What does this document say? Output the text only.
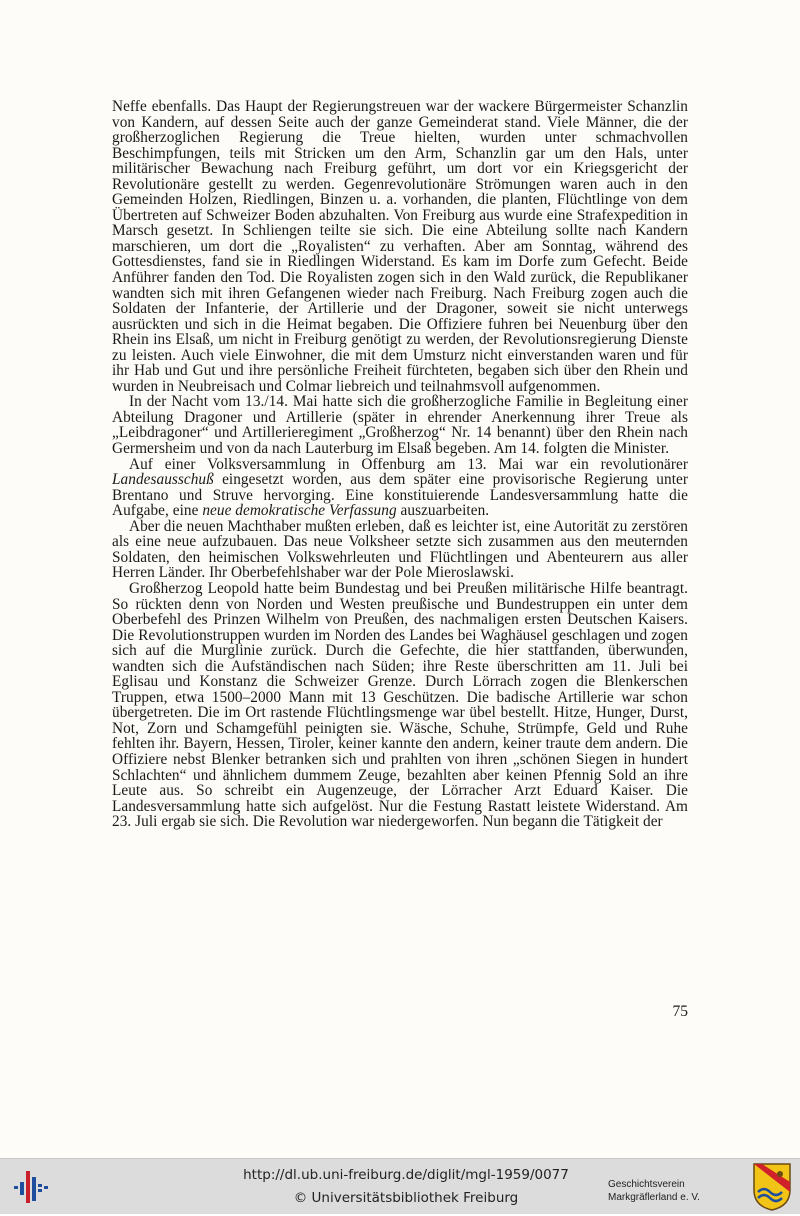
Neffe ebenfalls. Das Haupt der Regierungstreuen war der wackere Bürgermeister Schanzlin von Kandern, auf dessen Seite auch der ganze Gemeinderat stand. Viele Männer, die der großherzoglichen Regierung die Treue hielten, wurden unter schmachvollen Beschimpfungen, teils mit Stricken um den Arm, Schanzlin gar um den Hals, unter militärischer Bewachung nach Freiburg geführt, um dort vor ein Kriegsgericht der Revolutionäre gestellt zu werden. Gegenrevolutionäre Strömungen waren auch in den Gemeinden Holzen, Riedlingen, Binzen u. a. vorhanden, die planten, Flüchtlinge von dem Übertreten auf Schweizer Boden abzuhalten. Von Freiburg aus wurde eine Strafexpedition in Marsch gesetzt. In Schliengen teilte sie sich. Die eine Abteilung sollte nach Kandern marschieren, um dort die „Royalisten“ zu verhaften. Aber am Sonntag, während des Gottesdienstes, fand sie in Riedlingen Widerstand. Es kam im Dorfe zum Gefecht. Beide Anführer fanden den Tod. Die Royalisten zogen sich in den Wald zurück, die Republikaner wandten sich mit ihren Gefangenen wieder nach Freiburg. Nach Freiburg zogen auch die Soldaten der Infanterie, der Artillerie und der Dragoner, soweit sie nicht unterwegs ausrückten und sich in die Heimat begaben. Die Offiziere fuhren bei Neuenburg über den Rhein ins Elsaß, um nicht in Freiburg genötigt zu werden, der Revolutionsregierung Dienste zu leisten. Auch viele Einwohner, die mit dem Umsturz nicht einverstanden waren und für ihr Hab und Gut und ihre persönliche Freiheit fürchteten, begaben sich über den Rhein und wurden in Neubreisach und Colmar liebreich und teilnahmsvoll aufgenommen.

In der Nacht vom 13./14. Mai hatte sich die großherzogliche Familie in Begleitung einer Abteilung Dragoner und Artillerie (später in ehrender Anerkennung ihrer Treue als „Leibdragoner“ und Artillerieregiment „Großherzog“ Nr. 14 benannt) über den Rhein nach Germersheim und von da nach Lauterburg im Elsaß begeben. Am 14. folgten die Minister.

Auf einer Volksversammlung in Offenburg am 13. Mai war ein revolutionärer Landesausschuß eingesetzt worden, aus dem später eine provisorische Regierung unter Brentano und Struve hervorging. Eine konstituierende Landesversammlung hatte die Aufgabe, eine neue demokratische Verfassung auszuarbeiten.

Aber die neuen Machthaber mußten erleben, daß es leichter ist, eine Autorität zu zerstören als eine neue aufzubauen. Das neue Volksheer setzte sich zusammen aus den meuternden Soldaten, den heimischen Volkswehrleuten und Flüchtlingen und Abenteurern aus aller Herren Länder. Ihr Oberbefehlshaber war der Pole Mieroslawski.

Großherzog Leopold hatte beim Bundestag und bei Preußen militärische Hilfe beantragt. So rückten denn von Norden und Westen preußische und Bundestruppen ein unter dem Oberbefehl des Prinzen Wilhelm von Preußen, des nachmaligen ersten Deutschen Kaisers. Die Revolutionstruppen wurden im Norden des Landes bei Waghäusel geschlagen und zogen sich auf die Murglinie zurück. Durch die Gefechte, die hier stattfanden, überwunden, wandten sich die Aufständischen nach Süden; ihre Reste überschritten am 11. Juli bei Eglisau und Konstanz die Schweizer Grenze. Durch Lörrach zogen die Blenkerschen Truppen, etwa 1500–2000 Mann mit 13 Geschützen. Die badische Artillerie war schon übergetreten. Die im Ort rastende Flüchtlingsmenge war übel bestellt. Hitze, Hunger, Durst, Not, Zorn und Schamgefühl peinigten sie. Wäsche, Schuhe, Strümpfe, Geld und Ruhe fehlten ihr. Bayern, Hessen, Tiroler, keiner kannte den andern, keiner traute dem andern. Die Offiziere nebst Blenker betranken sich und prahlten von ihren „schönen Siegen in hundert Schlachten“ und ähnlichem dummem Zeuge, bezahlten aber keinen Pfennig Sold an ihre Leute aus. So schreibt ein Augenzeuge, der Lörracher Arzt Eduard Kaiser. Die Landesversammlung hatte sich aufgelöst. Nur die Festung Rastatt leistete Widerstand. Am 23. Juli ergab sie sich. Die Revolution war niedergeworfen. Nun begann die Tätigkeit der

75
http://dl.ub.uni-freiburg.de/diglit/mgl-1959/0077
© Universitätsbibliothek Freiburg
Geschichtsverein
Markgräflerland e. V.
